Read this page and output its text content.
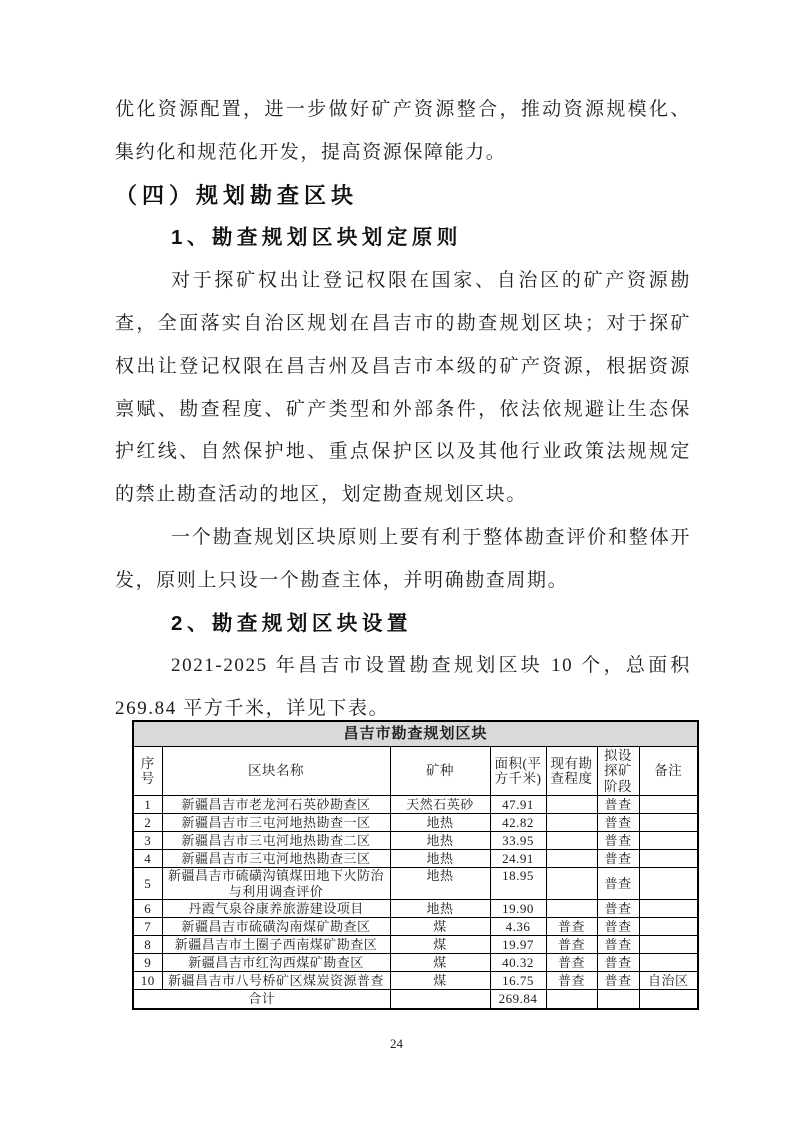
优化资源配置，进一步做好矿产资源整合，推动资源规模化、集约化和规范化开发，提高资源保障能力。

（四）规划勘查区块

1、勘查规划区块划定原则

对于探矿权出让登记权限在国家、自治区的矿产资源勘查，全面落实自治区规划在昌吉市的勘查规划区块；对于探矿权出让登记权限在昌吉州及昌吉市本级的矿产资源，根据资源禀赋、勘查程度、矿产类型和外部条件，依法依规避让生态保护红线、自然保护地、重点保护区以及其他行业政策法规规定的禁止勘查活动的地区，划定勘查规划区块。

一个勘查规划区块原则上要有利于整体勘查评价和整体开发，原则上只设一个勘查主体，并明确勘查周期。

2、勘查规划区块设置

2021-2025 年昌吉市设置勘查规划区块 10 个，总面积 269.84 平方千米，详见下表。

昌吉市勘查规划区块						
序号	区块名称	矿种	面积(平方千米)	现有勘查程度	拟设探矿阶段	备注
1	新疆昌吉市老龙河石英砂勘查区	天然石英砂	47.91		普查	
2	新疆昌吉市三屯河地热勘查一区	地热	42.82		普查	
3	新疆昌吉市三屯河地热勘查二区	地热	33.95		普查	
4	新疆昌吉市三屯河地热勘查三区	地热	24.91		普查	
5	新疆昌吉市硫磺沟镇煤田地下火防治与利用调查评价	地热	18.95		普查	
6	丹霞气泉谷康养旅游建设项目	地热	19.90		普查	
7	新疆昌吉市硫磺沟南煤矿勘查区	煤	4.36	普查	普查	
8	新疆昌吉市土圈子西南煤矿勘查区	煤	19.97	普查	普查	
9	新疆昌吉市红沟西煤矿勘查区	煤	40.32	普查	普查	
10	新疆昌吉市八号桥矿区煤炭资源普查	煤	16.75	普查	普查	自治区
合计			269.84			
24
